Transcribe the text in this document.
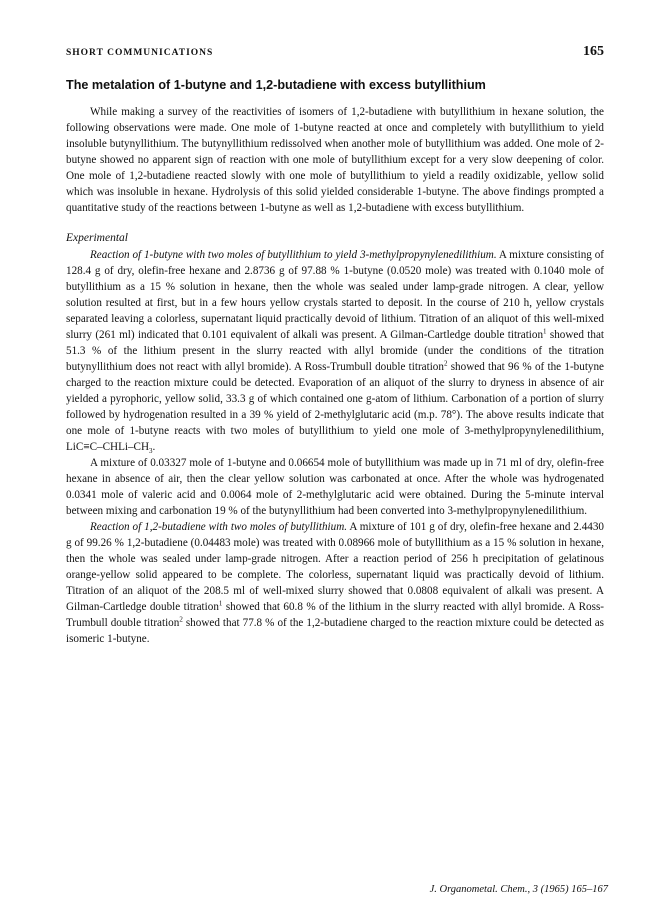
SHORT COMMUNICATIONS	165
The metalation of 1-butyne and 1,2-butadiene with excess butyllithium

While making a survey of the reactivities of isomers of 1,2-butadiene with butyllithium in hexane solution, the following observations were made. One mole of 1-butyne reacted at once and completely with butyllithium to yield insoluble butynyllithium. The butynyllithium redissolved when another mole of butyllithium was added. One mole of 2-butyne showed no apparent sign of reaction with one mole of butyllithium except for a very slow deepening of color. One mole of 1,2-butadiene reacted slowly with one mole of butyllithium to yield a readily oxidizable, yellow solid which was insoluble in hexane. Hydrolysis of this solid yielded considerable 1-butyne. The above findings prompted a quantitative study of the reactions between 1-butyne as well as 1,2-butadiene with excess butyllithium.

Experimental

Reaction of 1-butyne with two moles of butyllithium to yield 3-methylpropynylenedilithium. A mixture consisting of 128.4 g of dry, olefin-free hexane and 2.8736 g of 97.88 % 1-butyne (0.0520 mole) was treated with 0.1040 mole of butyllithium as a 15 % solution in hexane, then the whole was sealed under lamp-grade nitrogen. A clear, yellow solution resulted at first, but in a few hours yellow crystals started to deposit. In the course of 210 h, yellow crystals separated leaving a colorless, supernatant liquid practically devoid of lithium. Titration of an aliquot of this well-mixed slurry (261 ml) indicated that 0.101 equivalent of alkali was present. A Gilman-Cartledge double titration$^1$ showed that 51.3 % of the lithium present in the slurry reacted with allyl bromide (under the conditions of the titration butynyllithium does not react with allyl bromide). A Ross-Trumbull double titration$^2$ showed that 96 % of the 1-butyne charged to the reaction mixture could be detected. Evaporation of an aliquot of the slurry to dryness in absence of air yielded a pyrophoric, yellow solid, 33.3 g of which contained one g-atom of lithium. Carbonation of a portion of slurry followed by hydrogenation resulted in a 39 % yield of 2-methylglutaric acid (m.p. 78°). The above results indicate that one mole of 1-butyne reacts with two moles of butyllithium to yield one mole of 3-methylpropynylenedilithium, $LiC\equiv C-CHLi-CH_3$.

A mixture of 0.03327 mole of 1-butyne and 0.06654 mole of butyllithium was made up in 71 ml of dry, olefin-free hexane in absence of air, then the clear yellow solution was carbonated at once. After the whole was hydrogenated 0.0341 mole of valeric acid and 0.0064 mole of 2-methylglutaric acid were obtained. During the 5-minute interval between mixing and carbonation 19 % of the butynyllithium had been converted into 3-methylpropynylenedilithium.

Reaction of 1,2-butadiene with two moles of butyllithium. A mixture of 101 g of dry, olefin-free hexane and 2.4430 g of 99.26 % 1,2-butadiene (0.04483 mole) was treated with 0.08966 mole of butyllithium as a 15 % solution in hexane, then the whole was sealed under lamp-grade nitrogen. After a reaction period of 256 h precipitation of gelatinous orange-yellow solid appeared to be complete. The colorless, supernatant liquid was practically devoid of lithium. Titration of an aliquot of the 208.5 ml of well-mixed slurry showed that 0.0808 equivalent of alkali was present. A Gilman-Cartledge double titration$^1$ showed that 60.8 % of the lithium in the slurry reacted with allyl bromide. A Ross-Trumbull double titration$^2$ showed that 77.8 % of the 1,2-butadiene charged to the reaction mixture could be detected as isomeric 1-butyne.

J. Organometal. Chem., 3 (1965) 165–167
